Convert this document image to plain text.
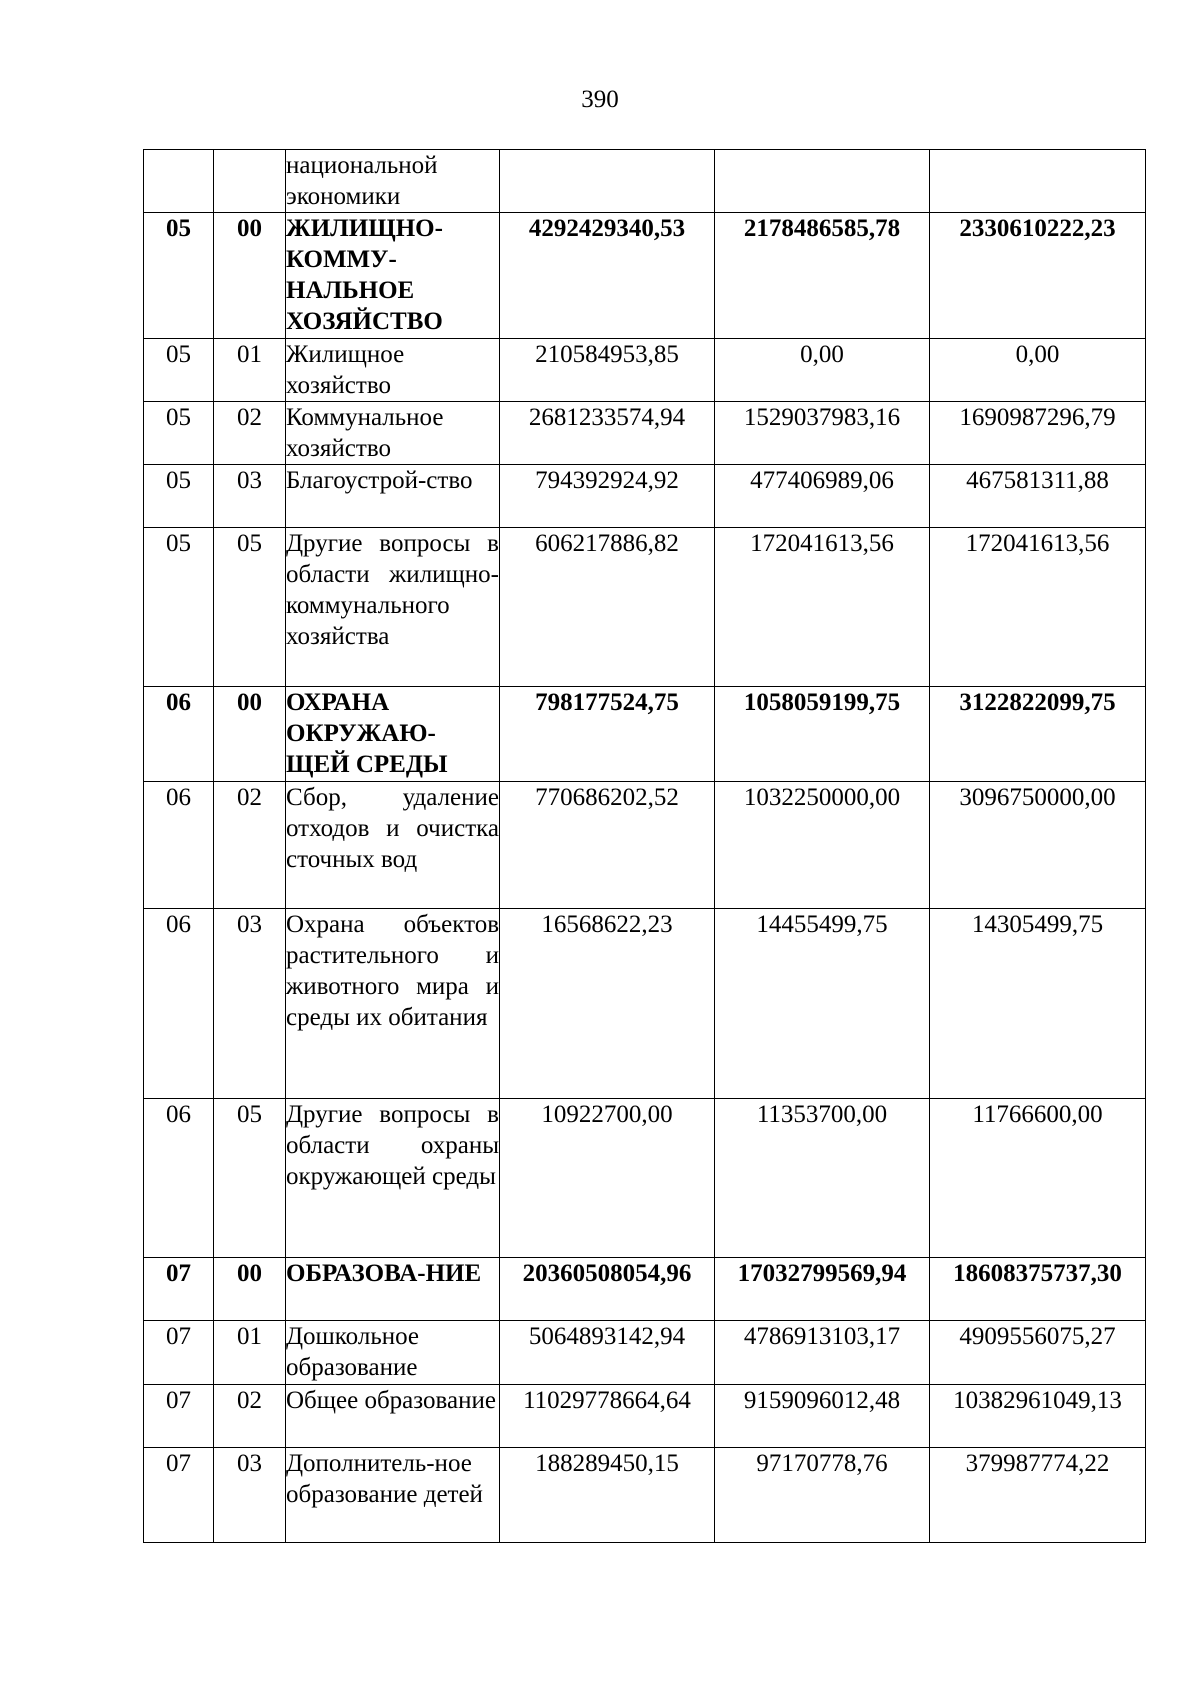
390
		национальной экономики			
05	00	ЖИЛИЩНО-КОММУ-НАЛЬНОЕ ХОЗЯЙСТВО	4292429340,53	2178486585,78	2330610222,23
05	01	Жилищное хозяйство	210584953,85	0,00	0,00
05	02	Коммунальное хозяйство	2681233574,94	1529037983,16	1690987296,79
05	03	Благоустрой-ство	794392924,92	477406989,06	467581311,88
05	05	Другие вопросы в области жилищно-коммунального хозяйства	606217886,82	172041613,56	172041613,56
06	00	ОХРАНА ОКРУЖАЮ-ЩЕЙ СРЕДЫ	798177524,75	1058059199,75	3122822099,75
06	02	Сбор, удаление отходов и очистка сточных вод	770686202,52	1032250000,00	3096750000,00
06	03	Охрана объектов растительного и животного мира и среды их обитания	16568622,23	14455499,75	14305499,75
06	05	Другие вопросы в области охраны окружающей среды	10922700,00	11353700,00	11766600,00
07	00	ОБРАЗОВА-НИЕ	20360508054,96	17032799569,94	18608375737,30
07	01	Дошкольное образование	5064893142,94	4786913103,17	4909556075,27
07	02	Общее образование	11029778664,64	9159096012,48	10382961049,13
07	03	Дополнитель-ное образование детей	188289450,15	97170778,76	379987774,22
